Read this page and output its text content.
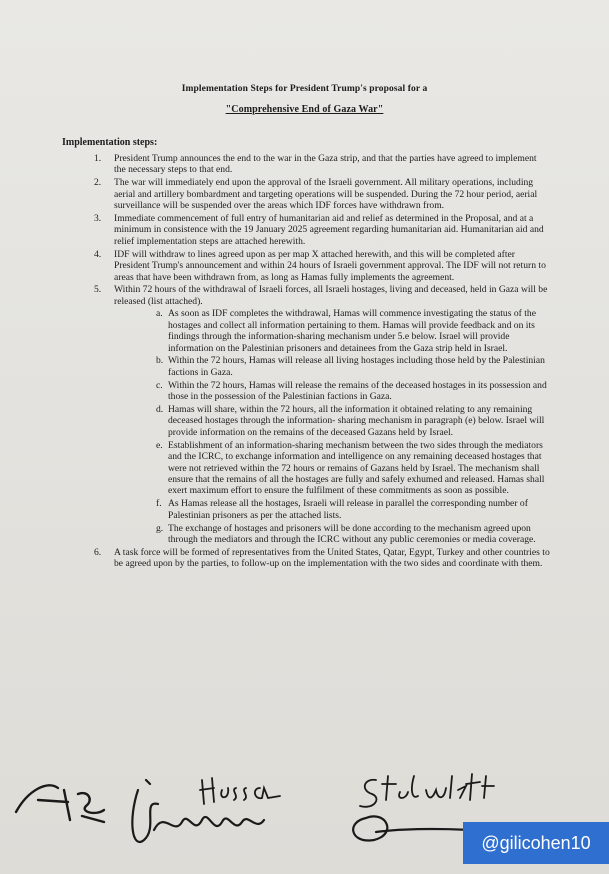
Implementation Steps for President Trump's proposal for a
"Comprehensive End of Gaza War"
Implementation steps:
1. President Trump announces the end to the war in the Gaza strip, and that the parties have agreed to implement the necessary steps to that end.
2. The war will immediately end upon the approval of the Israeli government. All military operations, including aerial and artillery bombardment and targeting operations will be suspended. During the 72 hour period, aerial surveillance will be suspended over the areas which IDF forces have withdrawn from.
3. Immediate commencement of full entry of humanitarian aid and relief as determined in the Proposal, and at a minimum in consistence with the 19 January 2025 agreement regarding humanitarian aid. Humanitarian aid and relief implementation steps are attached herewith.
4. IDF will withdraw to lines agreed upon as per map X attached herewith, and this will be completed after President Trump's announcement and within 24 hours of Israeli government approval. The IDF will not return to areas that have been withdrawn from, as long as Hamas fully implements the agreement.
5. Within 72 hours of the withdrawal of Israeli forces, all Israeli hostages, living and deceased, held in Gaza will be released (list attached).
a. As soon as IDF completes the withdrawal, Hamas will commence investigating the status of the hostages and collect all information pertaining to them. Hamas will provide feedback and on its findings through the information-sharing mechanism under 5.e below. Israel will provide information on the Palestinian prisoners and detainees from the Gaza strip held in Israel.
b. Within the 72 hours, Hamas will release all living hostages including those held by the Palestinian factions in Gaza.
c. Within the 72 hours, Hamas will release the remains of the deceased hostages in its possession and those in the possession of the Palestinian factions in Gaza.
d. Hamas will share, within the 72 hours, all the information it obtained relating to any remaining deceased hostages through the information- sharing mechanism in paragraph (e) below. Israel will provide information on the remains of the deceased Gazans held by Israel.
e. Establishment of an information-sharing mechanism between the two sides through the mediators and the ICRC, to exchange information and intelligence on any remaining deceased hostages that were not retrieved within the 72 hours or remains of Gazans held by Israel. The mechanism shall ensure that the remains of all the hostages are fully and safely exhumed and released. Hamas shall exert maximum effort to ensure the fulfilment of these commitments as soon as possible.
f. As Hamas release all the hostages, Israeli will release in parallel the corresponding number of Palestinian prisoners as per the attached lists.
g. The exchange of hostages and prisoners will be done according to the mechanism agreed upon through the mediators and through the ICRC without any public ceremonies or media coverage.
6. A task force will be formed of representatives from the United States, Qatar, Egypt, Turkey and other countries to be agreed upon by the parties, to follow-up on the implementation with the two sides and coordinate with them.
@gilicohen10
